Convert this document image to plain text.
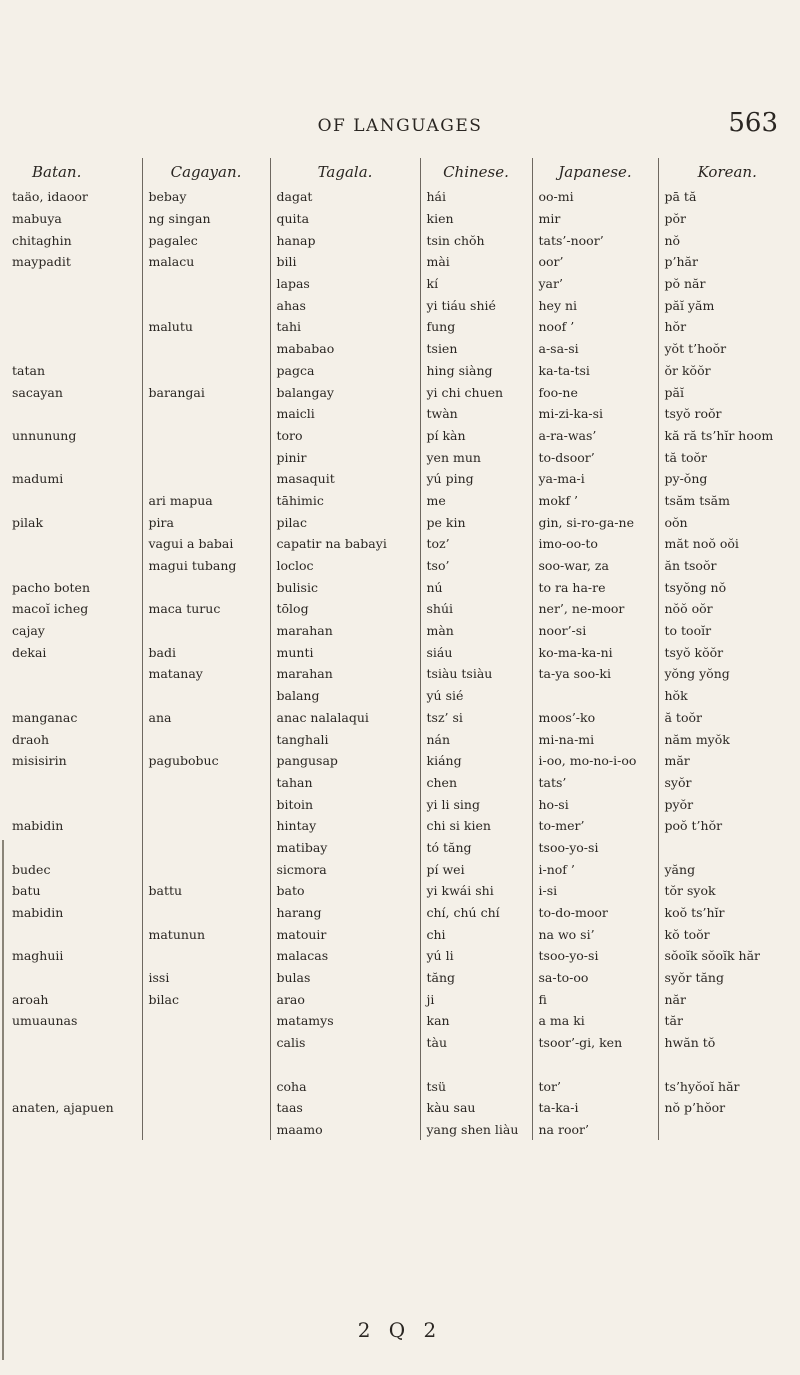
OF LANGUAGES	563
Batan.	Cagayan.	Tagala.	Chinese.	Japanese.	Korean.
taäo, idaoor	bebay	dagat	hái	oo-mi	pā tă
mabuya	ng singan	quita	kien	mir	pŏr
chitaghin	pagalec	hanap	tsin chŏh	tats’-noor’	nŏ
maypadit	malacu	bili	mài	oor’	p’hăr
		lapas	kí	yar’	pŏ năr
		ahas	yi tiáu shié	hey ni	păĭ yăm
	malutu	tahi	fung	noof ’	hŏr
		mababao	tsien	a-sa-si	yŏt t’hoŏr
tatan		pagca	hing siàng	ka-ta-tsi	ŏr kŏŏr
sacayan	barangai	balangay	yi chi chuen	foo-ne	păĭ
		maicli	twàn	mi-zi-ka-si	tsyŏ roŏr
unnunung		toro	pí kàn	a-ra-was’	kă ră ts’hĭr hoom
		pinir	yen mun	to-dsoor’	tă toŏr
madumi		masaquit	yú ping	ya-ma-i	py-ŏng
	ari mapua	tāhimic	me	mokf ’	tsăm tsăm
pilak	pira	pilac	pe kin	gin, si-ro-ga-ne	oŏn
	vagui a babai	capatir na babayi	toz’	imo-oo-to	măt noŏ oŏi
	magui tubang	locloc	tso’	soo-war, za	ăn tsoŏr
pacho boten		bulisic	nú	to ra ha-re	tsyŏng nŏ
macoĭ icheg	maca turuc	tōlog	shúi	ner’, ne-moor	nŏŏ oŏr
cajay		marahan	màn	noor’-si	to tooĭr
dekai	badi	munti	siáu	ko-ma-ka-ni	tsyŏ kŏŏr
	matanay	marahan	tsiàu tsiàu	ta-ya soo-ki	yŏng yŏng
		balang	yú sié		hŏk
manganac	ana	anac nalalaqui	tsz’ si	moos’-ko	ă toŏr
draoh		tanghali	nán	mi-na-mi	năm myŏk
misisirin	pagubobuc	pangusap	kiáng	i-oo, mo-no-i-oo	măr
		tahan	chen	tats’	syŏr
		bitoin	yi li sing	ho-si	pyŏr
mabidin		hintay	chi si kien	to-mer’	poŏ t’hŏr
		matibay	tó tăng	tsoo-yo-si	
budec		sicmora	pí wei	i-nof ’	yăng
batu	battu	bato	yi kwái shi	i-si	tŏr syok
mabidin		harang	chí, chú chí	to-do-moor	koŏ ts’hĭr
	matunun	matouir	chi	na wo si’	kŏ toŏr
maghuii		malacas	yú li	tsoo-yo-si	sŏoĭk sŏoĭk hăr
	issi	bulas	tăng	sa-to-oo	syŏr tăng
aroah	bilac	arao	ji	fi	năr
umuaunas		matamys	kan	a ma ki	tăr
		calis	tàu	tsoor’-gi, ken	hwăn tŏ

		coha	tsü	tor’	ts’hyŏoĭ hăr
anaten, ajapuen		taas	kàu sau	ta-ka-i	nŏ p’hŏor
		maamo	yang shen liàu	na roor’	
2 Q 2
